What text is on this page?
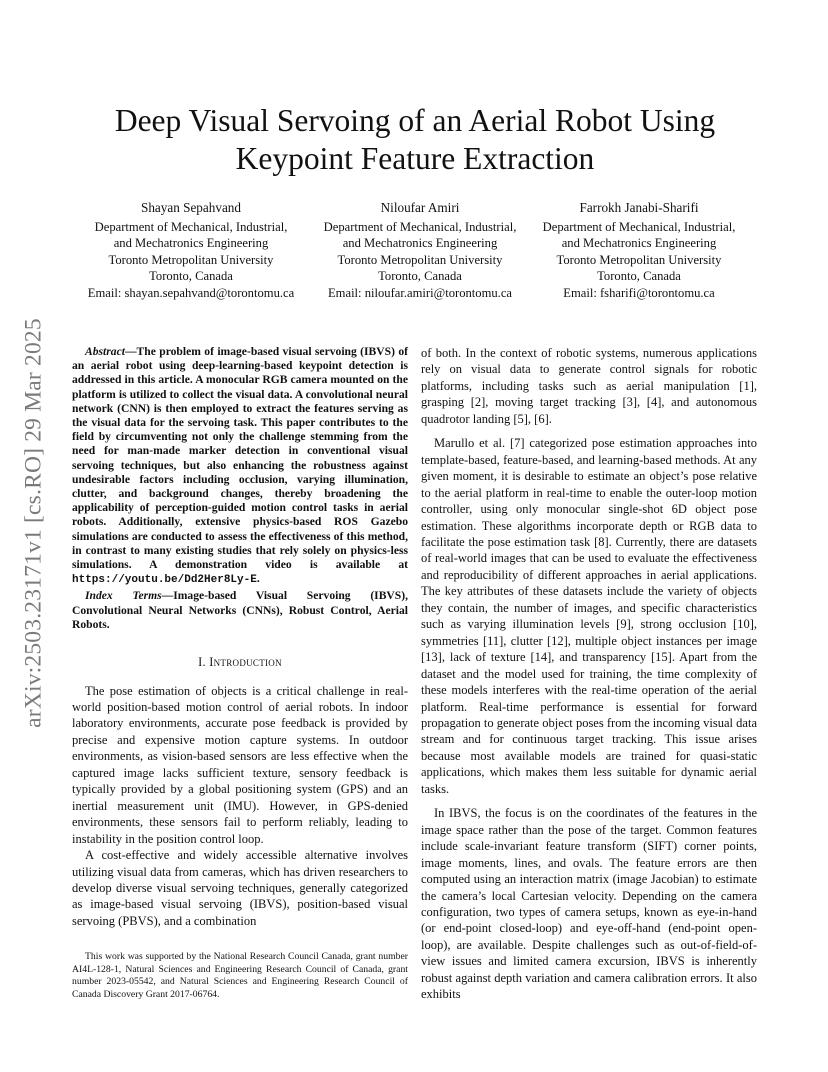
arXiv:2503.23171v1 [cs.RO] 29 Mar 2025
Deep Visual Servoing of an Aerial Robot Using
Keypoint Feature Extraction
Shayan Sepahvand
Department of Mechanical, Industrial,
and Mechatronics Engineering
Toronto Metropolitan University
Toronto, Canada
Email: shayan.sepahvand@torontomu.ca
Niloufar Amiri
Department of Mechanical, Industrial,
and Mechatronics Engineering
Toronto Metropolitan University
Toronto, Canada
Email: niloufar.amiri@torontomu.ca
Farrokh Janabi-Sharifi
Department of Mechanical, Industrial,
and Mechatronics Engineering
Toronto Metropolitan University
Toronto, Canada
Email: fsharifi@torontomu.ca

Abstract—The problem of image-based visual servoing (IBVS) of an aerial robot using deep-learning-based keypoint detection is addressed in this article. A monocular RGB camera mounted on the platform is utilized to collect the visual data. A convolutional neural network (CNN) is then employed to extract the features serving as the visual data for the servoing task. This paper contributes to the field by circumventing not only the challenge stemming from the need for man-made marker detection in conventional visual servoing techniques, but also enhancing the robustness against undesirable factors including occlusion, varying illumination, clutter, and background changes, thereby broadening the applicability of perception-guided motion control tasks in aerial robots. Additionally, extensive physics-based ROS Gazebo simulations are conducted to assess the effectiveness of this method, in contrast to many existing studies that rely solely on physics-less simulations. A demonstration video is available at https://youtu.be/Dd2Her8Ly-E.

Index Terms—Image-based Visual Servoing (IBVS), Convolutional Neural Networks (CNNs), Robust Control, Aerial Robots.

I. Introduction

The pose estimation of objects is a critical challenge in real-world position-based motion control of aerial robots. In indoor laboratory environments, accurate pose feedback is provided by precise and expensive motion capture systems. In outdoor environments, as vision-based sensors are less effective when the captured image lacks sufficient texture, sensory feedback is typically provided by a global positioning system (GPS) and an inertial measurement unit (IMU). However, in GPS-denied environments, these sensors fail to perform reliably, leading to instability in the position control loop.

A cost-effective and widely accessible alternative involves utilizing visual data from cameras, which has driven researchers to develop diverse visual servoing techniques, generally categorized as image-based visual servoing (IBVS), position-based visual servoing (PBVS), and a combination

of both. In the context of robotic systems, numerous applications rely on visual data to generate control signals for robotic platforms, including tasks such as aerial manipulation [1], grasping [2], moving target tracking [3], [4], and autonomous quadrotor landing [5], [6].

Marullo et al. [7] categorized pose estimation approaches into template-based, feature-based, and learning-based methods. At any given moment, it is desirable to estimate an object’s pose relative to the aerial platform in real-time to enable the outer-loop motion controller, using only monocular single-shot 6D object pose estimation. These algorithms incorporate depth or RGB data to facilitate the pose estimation task [8]. Currently, there are datasets of real-world images that can be used to evaluate the effectiveness and reproducibility of different approaches in aerial applications. The key attributes of these datasets include the variety of objects they contain, the number of images, and specific characteristics such as varying illumination levels [9], strong occlusion [10], symmetries [11], clutter [12], multiple object instances per image [13], lack of texture [14], and transparency [15]. Apart from the dataset and the model used for training, the time complexity of these models interferes with the real-time operation of the aerial platform. Real-time performance is essential for forward propagation to generate object poses from the incoming visual data stream and for continuous target tracking. This issue arises because most available models are trained for quasi-static applications, which makes them less suitable for dynamic aerial tasks.

In IBVS, the focus is on the coordinates of the features in the image space rather than the pose of the target. Common features include scale-invariant feature transform (SIFT) corner points, image moments, lines, and ovals. The feature errors are then computed using an interaction matrix (image Jacobian) to estimate the camera’s local Cartesian velocity. Depending on the camera configuration, two types of camera setups, known as eye-in-hand (or end-point closed-loop) and eye-off-hand (end-point open-loop), are available. Despite challenges such as out-of-field-of-view issues and limited camera excursion, IBVS is inherently robust against depth variation and camera calibration errors. It also exhibits

This work was supported by the National Research Council Canada, grant number AI4L-128-1, Natural Sciences and Engineering Research Council of Canada, grant number 2023-05542, and Natural Sciences and Engineering Research Council of Canada Discovery Grant 2017-06764.
